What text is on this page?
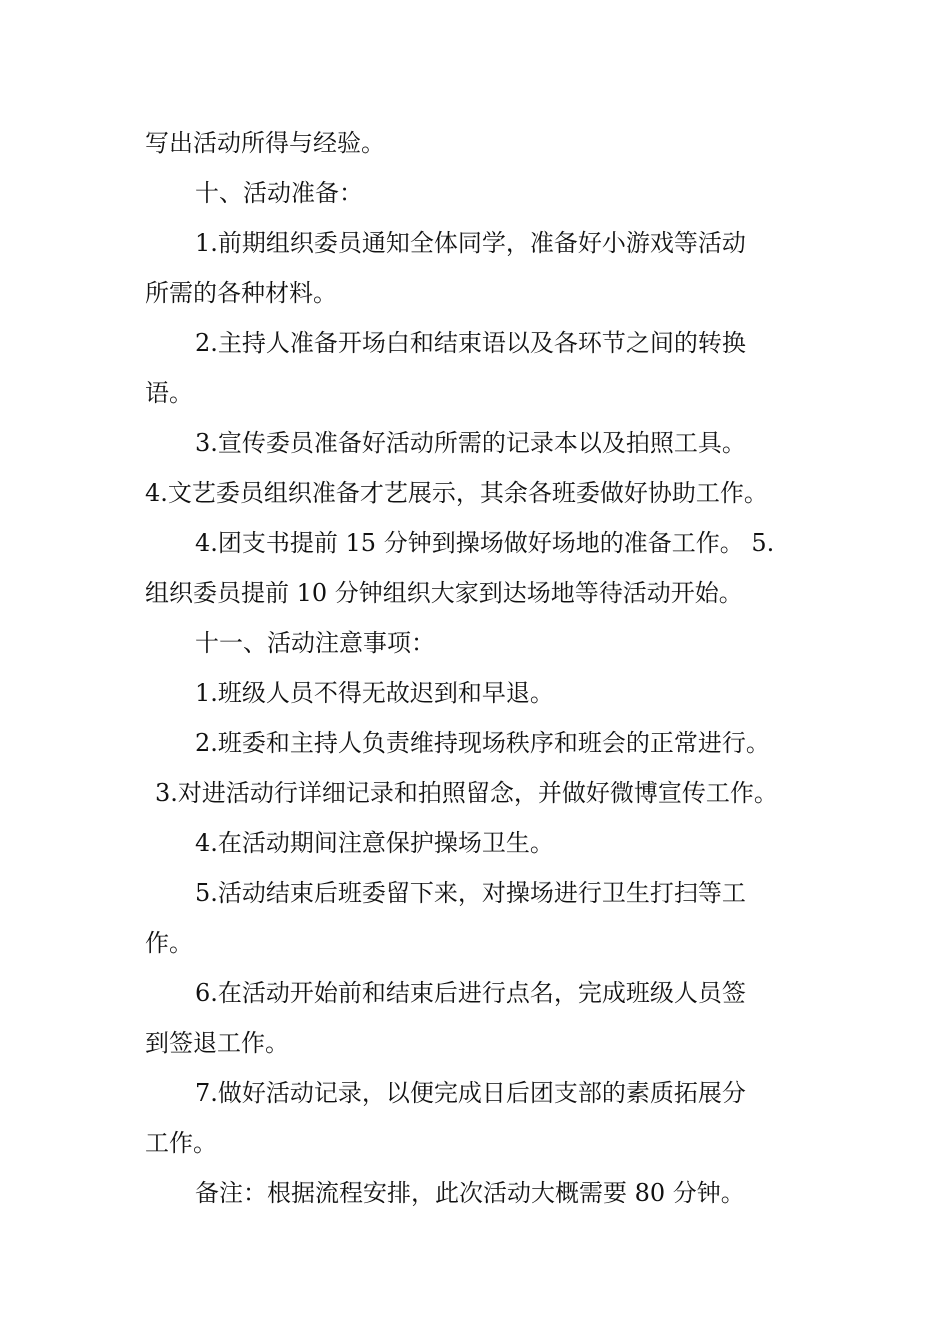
写出活动所得与经验。
十、活动准备：
1.前期组织委员通知全体同学，准备好小游戏等活动
所需的各种材料。
2.主持人准备开场白和结束语以及各环节之间的转换
语。
3.宣传委员准备好活动所需的记录本以及拍照工具。
4.文艺委员组织准备才艺展示，其余各班委做好协助工作。
4.团支书提前 15 分钟到操场做好场地的准备工作。 5.
组织委员提前 10 分钟组织大家到达场地等待活动开始。
十一、活动注意事项：
1.班级人员不得无故迟到和早退。
2.班委和主持人负责维持现场秩序和班会的正常进行。
3.对进活动行详细记录和拍照留念，并做好微博宣传工作。
4.在活动期间注意保护操场卫生。
5.活动结束后班委留下来，对操场进行卫生打扫等工
作。
6.在活动开始前和结束后进行点名，完成班级人员签
到签退工作。
7.做好活动记录，以便完成日后团支部的素质拓展分
工作。
备注：根据流程安排，此次活动大概需要 80 分钟。
